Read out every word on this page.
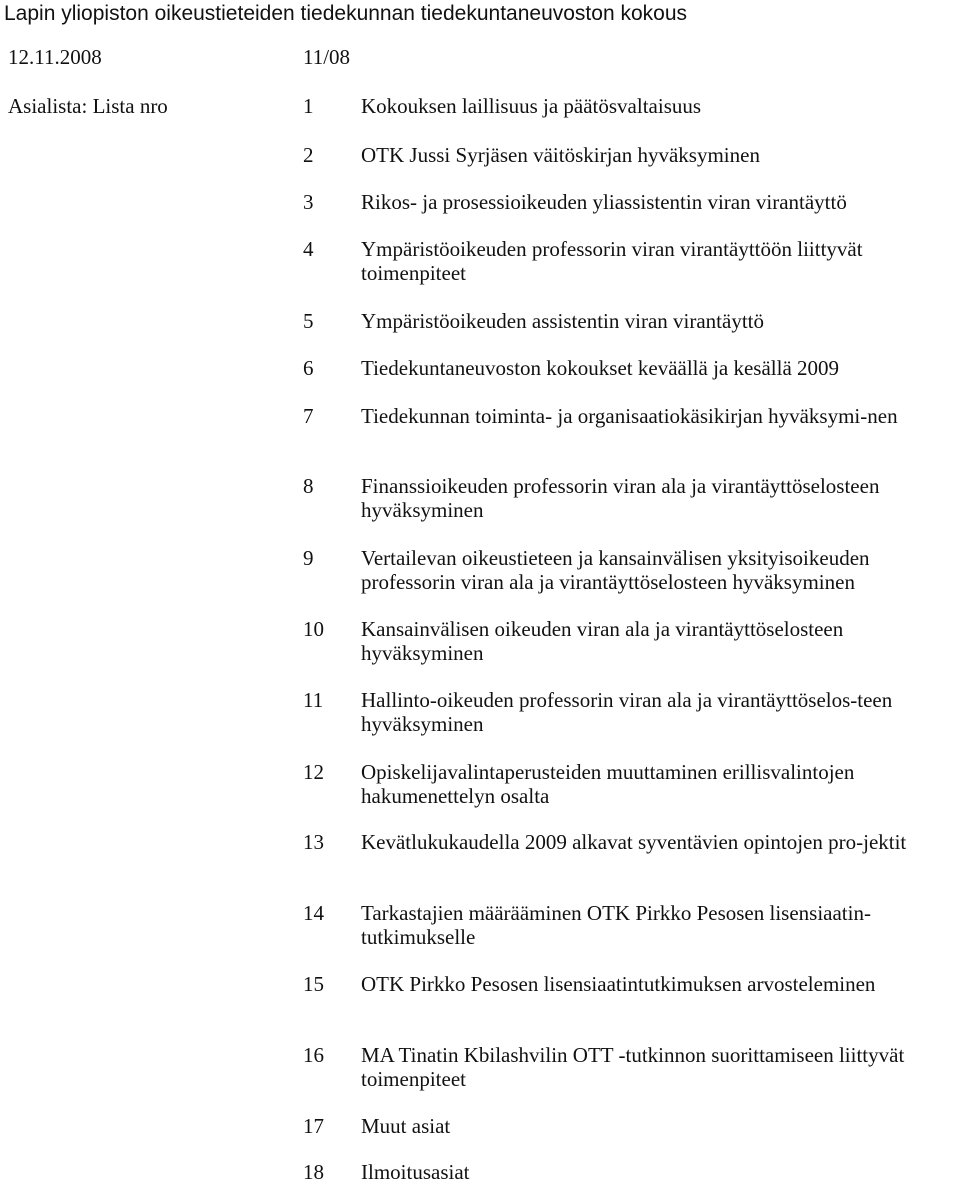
Lapin yliopiston oikeustieteiden tiedekunnan tiedekuntaneuvoston kokous
12.11.2008	11/08
Asialista: Lista nro	1 Kokouksen laillisuus ja päätösvaltaisuus
2 OTK Jussi Syrjäsen väitöskirjan hyväksyminen
3 Rikos- ja prosessioikeuden yliassistentin viran virantäyttö
4 Ympäristöoikeuden professorin viran virantäyttöön liittyvät toimenpiteet
5 Ympäristöoikeuden assistentin viran virantäyttö
6 Tiedekuntaneuvoston kokoukset keväällä ja kesällä 2009
7 Tiedekunnan toiminta- ja organisaatiokäsikirjan hyväksymi-nen
8 Finanssioikeuden professorin viran ala ja virantäyttöselosteen hyväksyminen
9 Vertailevan oikeustieteen ja kansainvälisen yksityisoikeuden professorin viran ala ja virantäyttöselosteen hyväksyminen
10 Kansainvälisen oikeuden viran ala ja virantäyttöselosteen hyväksyminen
11 Hallinto-oikeuden professorin viran ala ja virantäyttöselos-teen hyväksyminen
12 Opiskelijavalintaperusteiden muuttaminen erillisvalintojen hakumenettelyn osalta
13 Kevätlukukaudella 2009 alkavat syventävien opintojen pro-jektit
14 Tarkastajien määrääminen OTK Pirkko Pesosen lisensiaatin-tutkimukselle
15 OTK Pirkko Pesosen lisensiaatintutkimuksen arvosteleminen
16 MA Tinatin Kbilashvilin OTT -tutkinnon suorittamiseen liittyvät toimenpiteet
17 Muut asiat
18 Ilmoitusasiat
